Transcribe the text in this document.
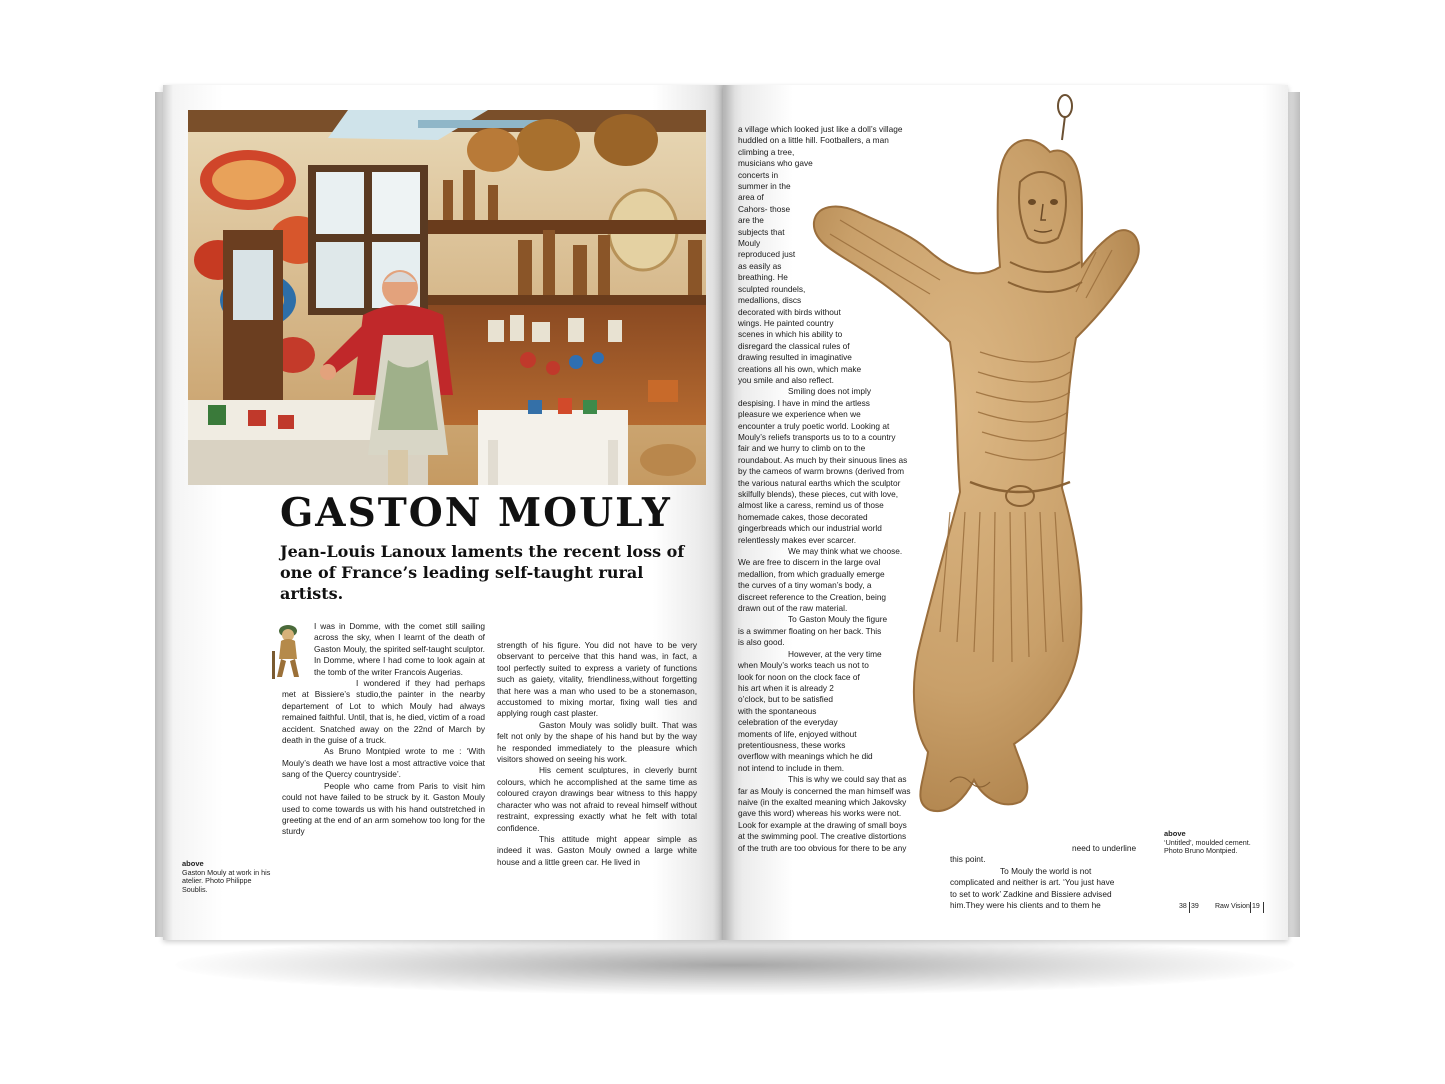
GASTON MOULY
Jean-Louis Lanoux laments the recent loss of one of France’s leading self-taught rural artists.

I was in Domme, with the comet still sailing across the sky, when I learnt of the death of Gaston Mouly, the spirited self-taught sculptor. In Domme, where I had come to look again at the tomb of the writer Francois Augerias.

I wondered if they had perhaps met at Bissiere’s studio,the painter in the nearby departement of Lot to which Mouly had always remained faithful. Until, that is, he died, victim of a road accident. Snatched away on the 22nd of March by death in the guise of a truck.

As Bruno Montpied wrote to me : ‘With Mouly’s death we have lost a most attractive voice that sang of the Quercy countryside’.

People who came from Paris to visit him could not have failed to be struck by it. Gaston Mouly used to come towards us with his hand outstretched in greeting at the end of an arm somehow too long for the sturdy

strength of his figure. You did not have to be very observant to perceive that this hand was, in fact, a tool perfectly suited to express a variety of functions such as gaiety, vitality, friendliness,without forgetting that here was a man who used to be a stonemason, accustomed to mixing mortar, fixing wall ties and applying rough cast plaster.

Gaston Mouly was solidly built. That was felt not only by the shape of his hand but by the way he responded immediately to the pleasure which visitors showed on seeing his work.

His cement sculptures, in cleverly burnt colours, which he accomplished at the same time as coloured crayon drawings bear witness to this happy character who was not afraid to reveal himself without restraint, expressing exactly what he felt with total confidence.

This attitude might appear simple as indeed it was. Gaston Mouly owned a large white house and a little green car. He lived in

above
Gaston Mouly at work in his atelier. Photo Philippe Soublis.
a village which looked just like a doll’s village
huddled on a little hill. Footballers, a man
climbing a tree,
musicians who gave
concerts in
summer in the
area of
Cahors- those
are the
subjects that
Mouly
reproduced just
as easily as
breathing. He
sculpted roundels,
medallions, discs
decorated with birds without
wings. He painted country
scenes in which his ability to
disregard the classical rules of
drawing resulted in imaginative
creations all his own, which make
you smile and also reflect.
Smiling does not imply
despising. I have in mind the artless
pleasure we experience when we
encounter a truly poetic world. Looking at
Mouly’s reliefs transports us to to a country
fair and we hurry to climb on to the
roundabout. As much by their sinuous lines as
by the cameos of warm browns (derived from
the various natural earths which the sculptor
skilfully blends), these pieces, cut with love,
almost like a caress, remind us of those
homemade cakes, those decorated
gingerbreads which our industrial world
relentlessly makes ever scarcer.
We may think what we choose.
We are free to discern in the large oval
medallion, from which gradually emerge
the curves of a tiny woman’s body, a
discreet reference to the Creation, being
drawn out of the raw material.
To Gaston Mouly the figure
is a swimmer floating on her back. This
is also good.
However, at the very time
when Mouly’s works teach us not to
look for noon on the clock face of
his art when it is already 2
o’clock, but to be satisfied
with the spontaneous
celebration of the everyday
moments of life, enjoyed without
pretentiousness, these works
overflow with meanings which he did
not intend to include in them.
This is why we could say that as
far as Mouly is concerned the man himself was
naive (in the exalted meaning which Jakovsky
gave this word) whereas his works were not.
Look for example at the drawing of small boys
at the swimming pool. The creative distortions
of the truth are too obvious for there to be any	need to underline
this point.
To Mouly the world is not
complicated and neither is art. ‘You just have
to set to work’ Zadkine and Bissiere advised
him.They were his clients and to them he
above
‘Untitled’, moulded cement. Photo Bruno Montpied.
38 39 Raw Vision 19
